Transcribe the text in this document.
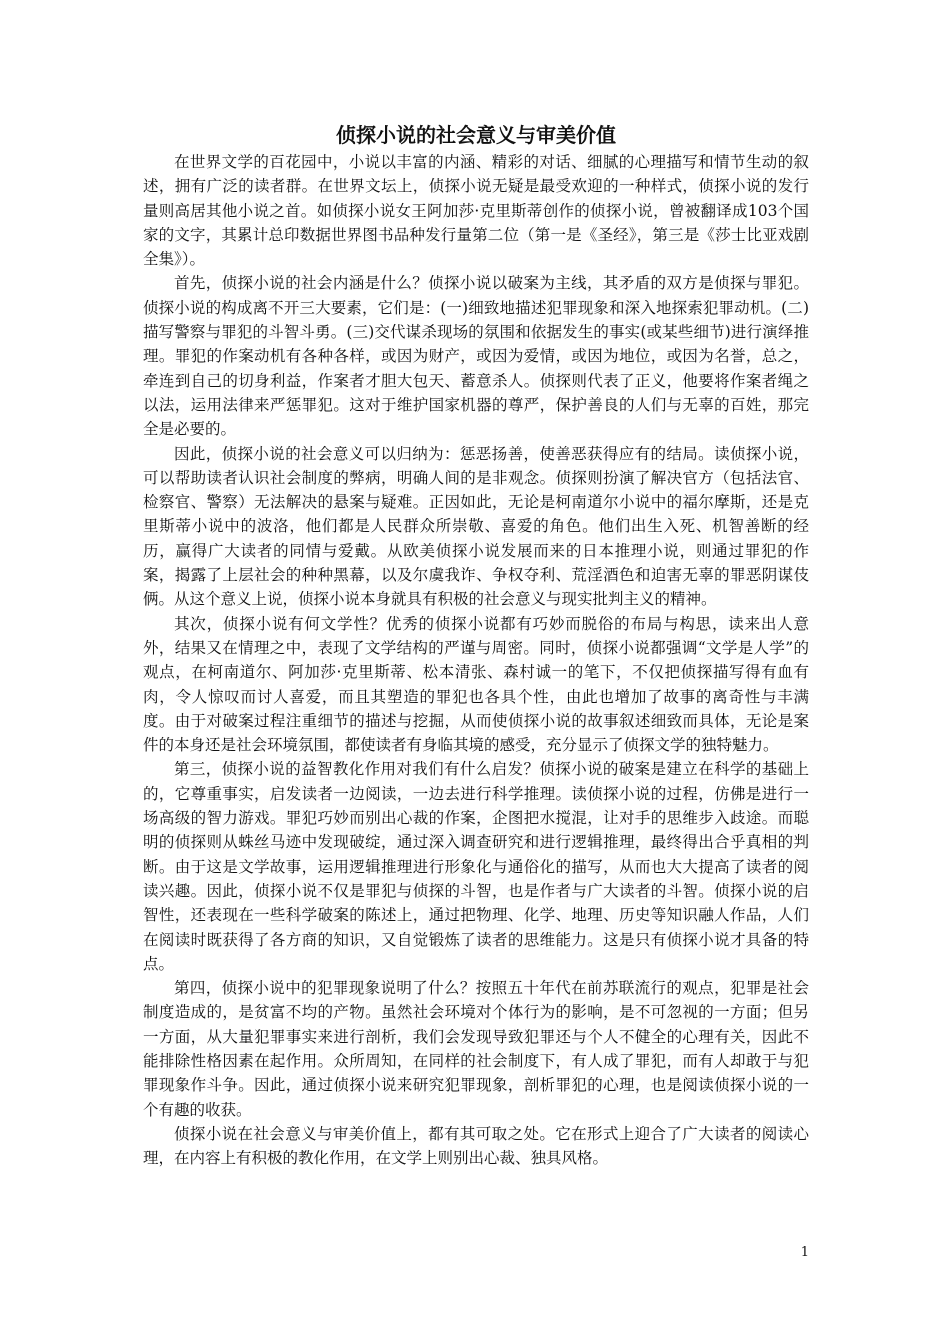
侦探小说的社会意义与审美价值

在世界文学的百花园中，小说以丰富的内涵、精彩的对话、细腻的心理描写和情节生动的叙述，拥有广泛的读者群。在世界文坛上，侦探小说无疑是最受欢迎的一种样式，侦探小说的发行量则高居其他小说之首。如侦探小说女王阿加莎·克里斯蒂创作的侦探小说，曾被翻译成103个国家的文字，其累计总印数据世界图书品种发行量第二位（第一是《圣经》，第三是《莎士比亚戏剧全集》）。

首先，侦探小说的社会内涵是什么？侦探小说以破案为主线，其矛盾的双方是侦探与罪犯。侦探小说的构成离不开三大要素，它们是：(一)细致地描述犯罪现象和深入地探索犯罪动机。(二)描写警察与罪犯的斗智斗勇。(三)交代谋杀现场的氛围和依据发生的事实(或某些细节)进行演绎推理。罪犯的作案动机有各种各样，或因为财产，或因为爱情，或因为地位，或因为名誉，总之，牵连到自己的切身利益，作案者才胆大包天、蓄意杀人。侦探则代表了正义，他要将作案者绳之以法，运用法律来严惩罪犯。这对于维护国家机器的尊严，保护善良的人们与无辜的百姓，那完全是必要的。

因此，侦探小说的社会意义可以归纳为：惩恶扬善，使善恶获得应有的结局。读侦探小说，可以帮助读者认识社会制度的弊病，明确人间的是非观念。侦探则扮演了解决官方（包括法官、检察官、警察）无法解决的悬案与疑难。正因如此，无论是柯南道尔小说中的福尔摩斯，还是克里斯蒂小说中的波洛，他们都是人民群众所崇敬、喜爱的角色。他们出生入死、机智善断的经历，赢得广大读者的同情与爱戴。从欧美侦探小说发展而来的日本推理小说，则通过罪犯的作案，揭露了上层社会的种种黑幕，以及尔虞我诈、争权夺利、荒淫酒色和迫害无辜的罪恶阴谋伎俩。从这个意义上说，侦探小说本身就具有积极的社会意义与现实批判主义的精神。

其次，侦探小说有何文学性？优秀的侦探小说都有巧妙而脱俗的布局与构思，读来出人意外，结果又在情理之中，表现了文学结构的严谨与周密。同时，侦探小说都强调“文学是人学”的观点，在柯南道尔、阿加莎·克里斯蒂、松本清张、森村诚一的笔下，不仅把侦探描写得有血有肉，令人惊叹而讨人喜爱，而且其塑造的罪犯也各具个性，由此也增加了故事的离奇性与丰满度。由于对破案过程注重细节的描述与挖掘，从而使侦探小说的故事叙述细致而具体，无论是案件的本身还是社会环境氛围，都使读者有身临其境的感受，充分显示了侦探文学的独特魅力。

第三，侦探小说的益智教化作用对我们有什么启发？侦探小说的破案是建立在科学的基础上的，它尊重事实，启发读者一边阅读，一边去进行科学推理。读侦探小说的过程，仿佛是进行一场高级的智力游戏。罪犯巧妙而别出心裁的作案，企图把水搅混，让对手的思维步入歧途。而聪明的侦探则从蛛丝马迹中发现破绽，通过深入调查研究和进行逻辑推理，最终得出合乎真相的判断。由于这是文学故事，运用逻辑推理进行形象化与通俗化的描写，从而也大大提高了读者的阅读兴趣。因此，侦探小说不仅是罪犯与侦探的斗智，也是作者与广大读者的斗智。侦探小说的启智性，还表现在一些科学破案的陈述上，通过把物理、化学、地理、历史等知识融人作品，人们在阅读时既获得了各方商的知识，又自觉锻炼了读者的思维能力。这是只有侦探小说才具备的特点。

第四，侦探小说中的犯罪现象说明了什么？按照五十年代在前苏联流行的观点，犯罪是社会制度造成的，是贫富不均的产物。虽然社会环境对个体行为的影响，是不可忽视的一方面；但另一方面，从大量犯罪事实来进行剖析，我们会发现导致犯罪还与个人不健全的心理有关，因此不能排除性格因素在起作用。众所周知，在同样的社会制度下，有人成了罪犯，而有人却敢于与犯罪现象作斗争。因此，通过侦探小说来研究犯罪现象，剖析罪犯的心理，也是阅读侦探小说的一个有趣的收获。

侦探小说在社会意义与审美价值上，都有其可取之处。它在形式上迎合了广大读者的阅读心理，在内容上有积极的教化作用，在文学上则别出心裁、独具风格。

1
